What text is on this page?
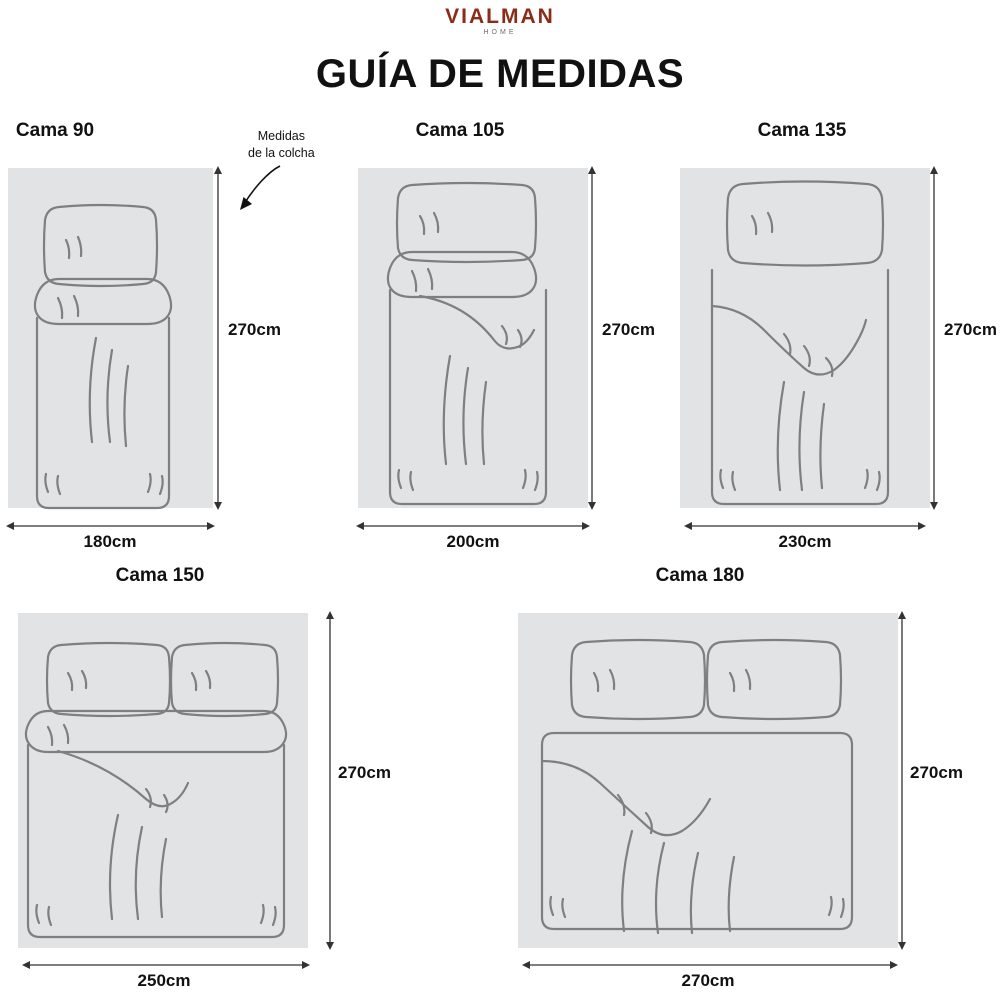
VIALMAN
HOME
GUÍA DE MEDIDAS
Medidas
de la colcha
Cama 90
270cm
180cm
Cama 105
270cm
200cm
Cama 135
270cm
230cm
Cama 150
270cm
250cm
Cama 180
270cm
270cm
